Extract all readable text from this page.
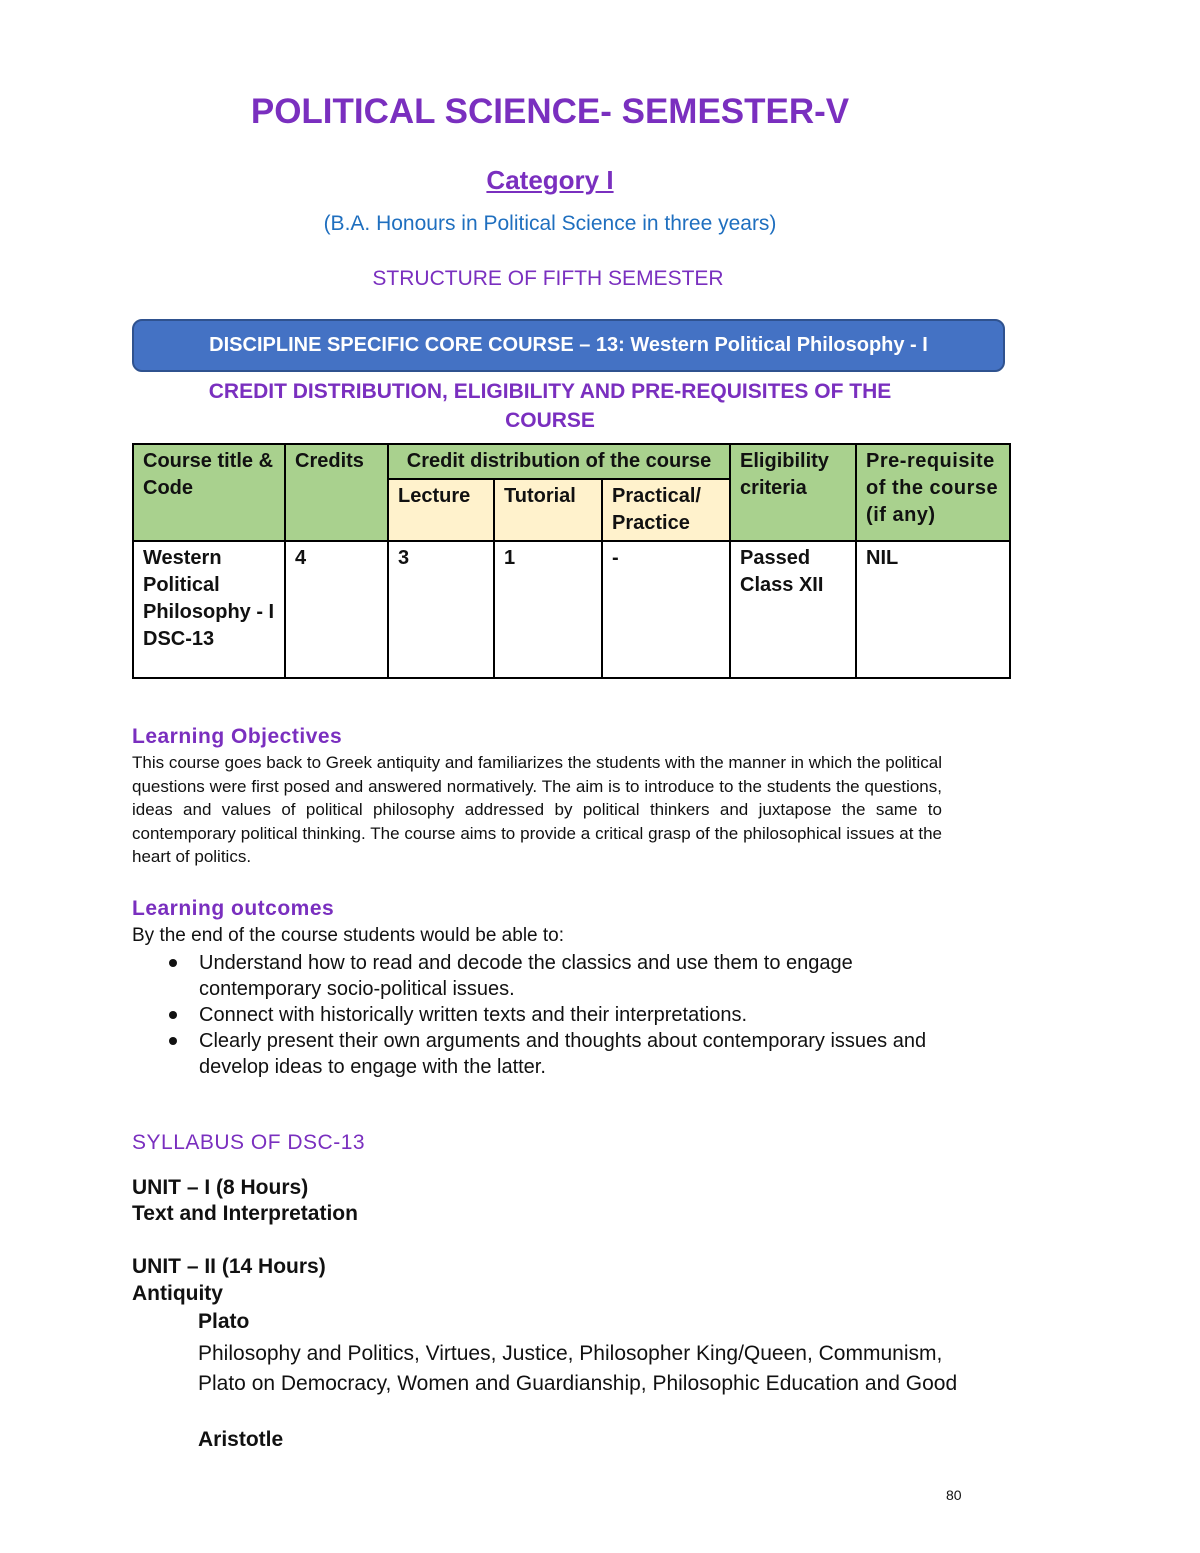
POLITICAL SCIENCE- SEMESTER-V
Category I
(B.A. Honours in Political Science in three years)
STRUCTURE OF FIFTH SEMESTER
DISCIPLINE SPECIFIC CORE COURSE – 13: Western Political Philosophy - I
CREDIT DISTRIBUTION, ELIGIBILITY AND PRE-REQUISITES OF THE
COURSE
Course title & Code	Credits	Credit distribution of the course			Eligibility criteria	Pre-requisite of the course (if any)
		Lecture	Tutorial	Practical/ Practice		

Western Political Philosophy - I
DSC-13	4	3	1	-	Passed Class XII	NIL
Learning Objectives
This course goes back to Greek antiquity and familiarizes the students with the manner in which the political questions were first posed and answered normatively. The aim is to introduce to the students the questions, ideas and values of political philosophy addressed by political thinkers and juxtapose the same to contemporary political thinking. The course aims to provide a critical grasp of the philosophical issues at the heart of politics.
Learning outcomes
By the end of the course students would be able to:
Understand how to read and decode the classics and use them to engage contemporary socio-political issues.
Connect with historically written texts and their interpretations.
Clearly present their own arguments and thoughts about contemporary issues and develop ideas to engage with the latter.
SYLLABUS OF DSC-13
UNIT – I (8 Hours)
Text and Interpretation
UNIT – II (14 Hours)
Antiquity
Plato
Philosophy and Politics, Virtues, Justice, Philosopher King/Queen, Communism, Plato on Democracy, Women and Guardianship, Philosophic Education and Good
Aristotle
80
